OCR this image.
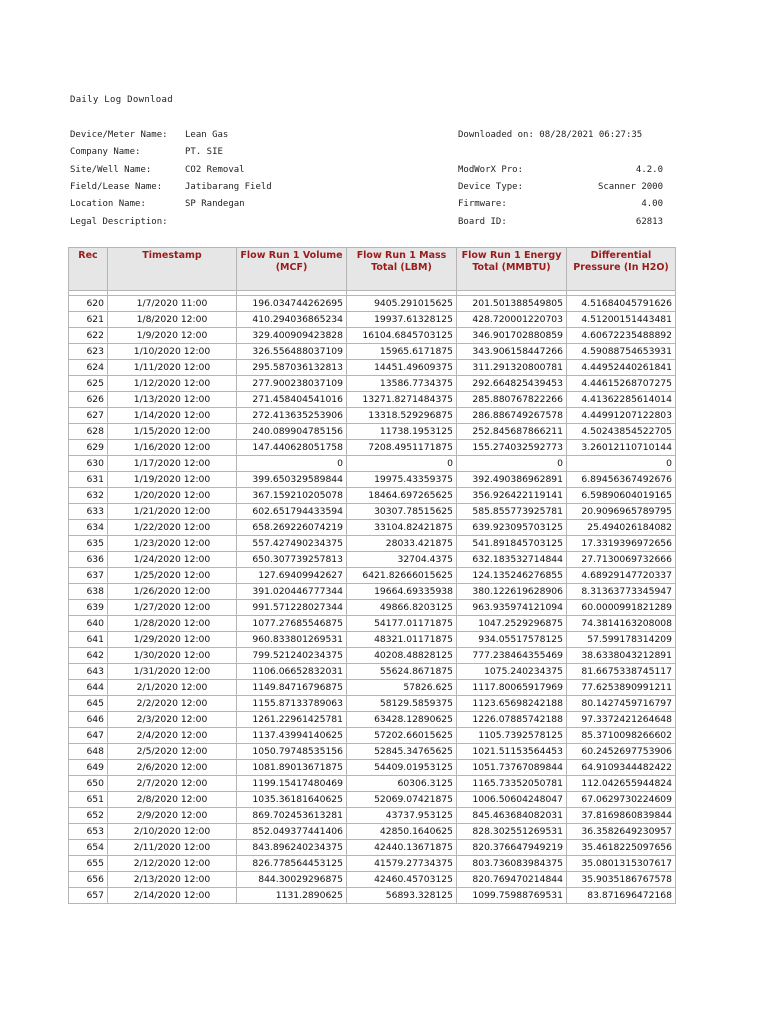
Daily Log Download
Device/Meter Name: Lean Gas
Company Name:	PT. SIE
Site/Well Name:	CO2 Removal
Field/Lease Name:	Jatibarang Field
Location Name:	SP Randegan
Legal Description:
Downloaded on: 08/28/2021 06:27:35
ModWorX Pro:	4.2.0
Device Type:	Scanner 2000
Firmware:	4.00
Board ID:	62813
Rec	Timestamp	Flow Run 1 Volume (MCF)	Flow Run 1 Mass Total (LBM)	Flow Run 1 Energy Total (MMBTU)	Differential Pressure (In H2O)

620	1/7/2020 11:00	196.034744262695	9405.291015625	201.501388549805	4.51684045791626
621	1/8/2020 12:00	410.294036865234	19937.61328125	428.720001220703	4.51200151443481
622	1/9/2020 12:00	329.400909423828	16104.6845703125	346.901702880859	4.60672235488892
623	1/10/2020 12:00	326.556488037109	15965.6171875	343.906158447266	4.59088754653931
624	1/11/2020 12:00	295.587036132813	14451.49609375	311.291320800781	4.44952440261841
625	1/12/2020 12:00	277.900238037109	13586.7734375	292.664825439453	4.44615268707275
626	1/13/2020 12:00	271.458404541016	13271.8271484375	285.880767822266	4.41362285614014
627	1/14/2020 12:00	272.413635253906	13318.529296875	286.886749267578	4.44991207122803
628	1/15/2020 12:00	240.089904785156	11738.1953125	252.845687866211	4.50243854522705
629	1/16/2020 12:00	147.440628051758	7208.4951171875	155.274032592773	3.26012110710144
630	1/17/2020 12:00	0	0	0	0
631	1/19/2020 12:00	399.650329589844	19975.43359375	392.490386962891	6.89456367492676
632	1/20/2020 12:00	367.159210205078	18464.697265625	356.926422119141	6.59890604019165
633	1/21/2020 12:00	602.651794433594	30307.78515625	585.855773925781	20.9096965789795
634	1/22/2020 12:00	658.269226074219	33104.82421875	639.923095703125	25.494026184082
635	1/23/2020 12:00	557.427490234375	28033.421875	541.891845703125	17.3319396972656
636	1/24/2020 12:00	650.307739257813	32704.4375	632.183532714844	27.7130069732666
637	1/25/2020 12:00	127.69409942627	6421.82666015625	124.135246276855	4.68929147720337
638	1/26/2020 12:00	391.020446777344	19664.69335938	380.122619628906	8.31363773345947
639	1/27/2020 12:00	991.571228027344	49866.8203125	963.935974121094	60.0000991821289
640	1/28/2020 12:00	1077.27685546875	54177.01171875	1047.2529296875	74.3814163208008
641	1/29/2020 12:00	960.833801269531	48321.01171875	934.05517578125	57.599178314209
642	1/30/2020 12:00	799.521240234375	40208.48828125	777.238464355469	38.6338043212891
643	1/31/2020 12:00	1106.06652832031	55624.8671875	1075.240234375	81.6675338745117
644	2/1/2020 12:00	1149.84716796875	57826.625	1117.80065917969	77.6253890991211
645	2/2/2020 12:00	1155.87133789063	58129.5859375	1123.65698242188	80.1427459716797
646	2/3/2020 12:00	1261.22961425781	63428.12890625	1226.07885742188	97.3372421264648
647	2/4/2020 12:00	1137.43994140625	57202.66015625	1105.7392578125	85.3710098266602
648	2/5/2020 12:00	1050.79748535156	52845.34765625	1021.51153564453	60.2452697753906
649	2/6/2020 12:00	1081.89013671875	54409.01953125	1051.73767089844	64.9109344482422
650	2/7/2020 12:00	1199.15417480469	60306.3125	1165.73352050781	112.042655944824
651	2/8/2020 12:00	1035.36181640625	52069.07421875	1006.50604248047	67.0629730224609
652	2/9/2020 12:00	869.702453613281	43737.953125	845.463684082031	37.8169860839844
653	2/10/2020 12:00	852.049377441406	42850.1640625	828.302551269531	36.3582649230957
654	2/11/2020 12:00	843.896240234375	42440.13671875	820.376647949219	35.4618225097656
655	2/12/2020 12:00	826.778564453125	41579.27734375	803.736083984375	35.0801315307617
656	2/13/2020 12:00	844.30029296875	42460.45703125	820.769470214844	35.9035186767578
657	2/14/2020 12:00	1131.2890625	56893.328125	1099.75988769531	83.871696472168
